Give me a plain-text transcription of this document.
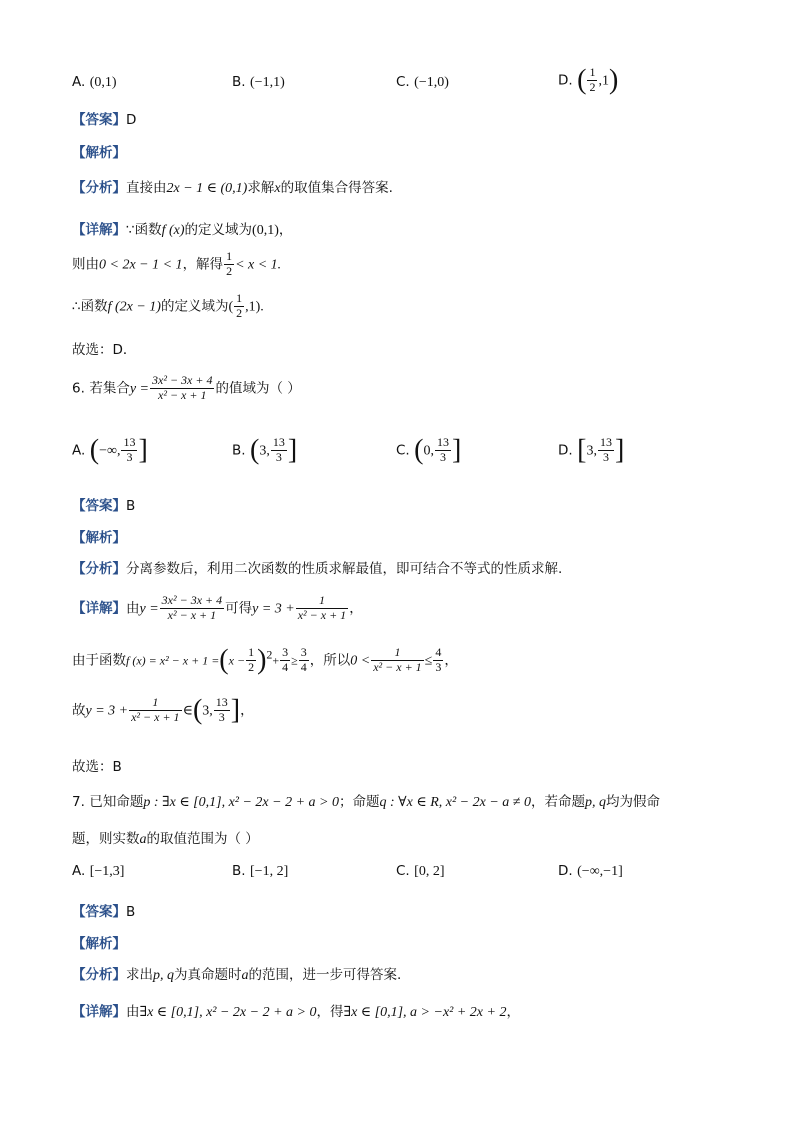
A. (0,1)	B. (−1,1)	C. (−1,0)	D. ( $\frac{1}{2} ,1$)
【答案】D
【解析】
【分析】直接由2x − 1 ∈ (0,1)求解x的取值集合得答案.
【详解】∵函数f (x)的定义域为(0,1)，
则由0 < 2x − 1 < 1，解得 $\frac{1}{2} < x < 1$.
∴函数f (2x − 1)的定义域为( $\frac{1}{2} ,1$).
故选：D．
6. 若集合$y = \frac{\text{3x² − 3x + 4}}{\text{x² − x + 1}}$ 的值域为（ ）
A. (−∞, $\frac{13}{3}$ ]	B. (3, $\frac{13}{3}$ ]	C. (0, $\frac{13}{3}$ ]	D. [3, $\frac{13}{3}$ ]
【答案】B
【解析】
【分析】分离参数后，利用二次函数的性质求解最值，即可结合不等式的性质求解.
【详解】由$y = \frac{\text{3x² − 3x + 4}}{\text{x² − x + 1}}$ 可得$y = 3 + \frac{1}{\text{x² − x + 1}}$ ，
由于函数f $(x) = x^2 - x + 1 =(x - \frac{1}{2} )^2+ \frac{3}{4} \ge \frac{3}{4}$ ，所以$0 < \frac{1}{\text{x² − x + 1}} \le \frac{4}{3}$ ，
故$y = 3 + \frac{1}{\text{x² − x + 1}}$ ∈(3, $\frac{13}{3}$ ]，
故选：B
7. 已知命题p : ∃x ∈ [0,1], x² − 2x − 2 + a > 0；命题q : ∀x ∈ R, x² − 2x − a ≠ 0，若命题p, q均为假命
题，则实数a的取值范围为（ ）
A. [−1,3]	B. [−1, 2]	C. [0, 2]	D. (−∞,−1]
【答案】B
【解析】
【分析】求出p, q为真命题时a的范围，进一步可得答案.
【详解】由∃x ∈ [0,1], x² − 2x − 2 + a > 0，得∃x ∈ [0,1], a > −x² + 2x + 2，
